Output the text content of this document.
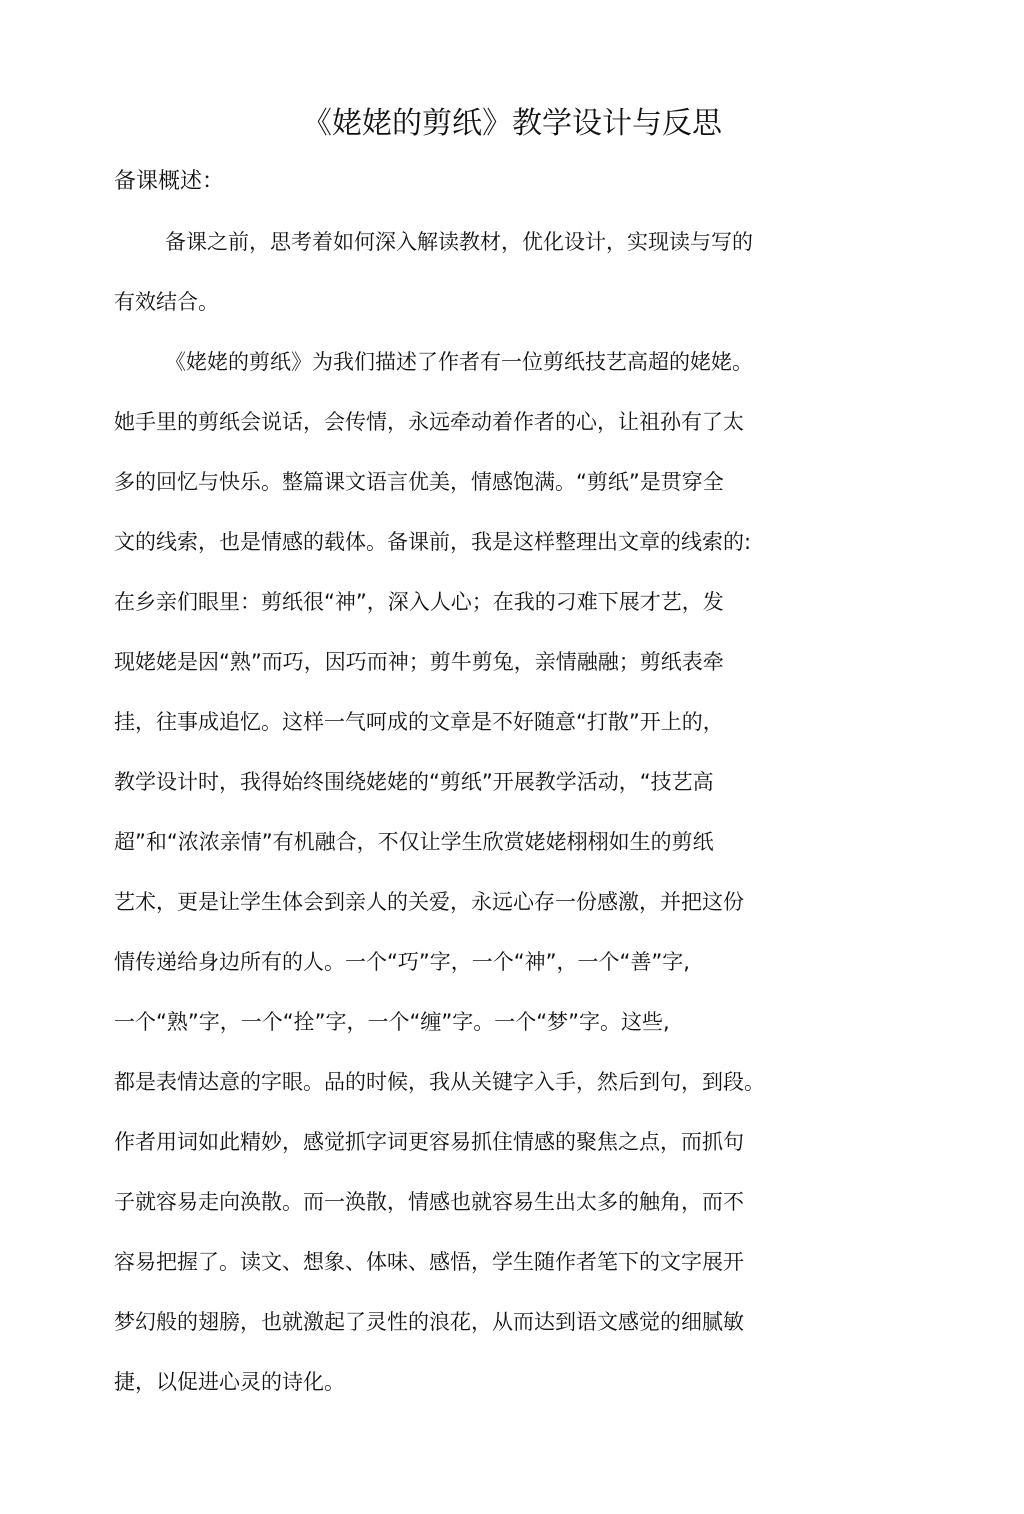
《姥姥的剪纸》教学设计与反思
备课概述：
备课之前，思考着如何深入解读教材，优化设计，实现读与写的
有效结合。
《姥姥的剪纸》为我们描述了作者有一位剪纸技艺高超的姥姥。
她手里的剪纸会说话，会传情，永远牵动着作者的心，让祖孙有了太
多的回忆与快乐。整篇课文语言优美，情感饱满。“剪纸”是贯穿全
文的线索，也是情感的载体。备课前，我是这样整理出文章的线索的:
在乡亲们眼里：剪纸很“神”，深入人心；在我的刁难下展才艺，发
现姥姥是因“熟”而巧，因巧而神；剪牛剪兔，亲情融融；剪纸表牵
挂，往事成追忆。这样一气呵成的文章是不好随意“打散”开上的，
教学设计时，我得始终围绕姥姥的“剪纸”开展教学活动，“技艺高
超”和“浓浓亲情”有机融合，不仅让学生欣赏姥姥栩栩如生的剪纸
艺术，更是让学生体会到亲人的关爱，永远心存一份感激，并把这份
情传递给身边所有的人。一个“巧”字，一个“神”，一个“善”字,
一个“熟”字，一个“拴”字，一个“缠”字。一个“梦”字。这些,
都是表情达意的字眼。品的时候，我从关键字入手，然后到句，到段。
作者用词如此精妙，感觉抓字词更容易抓住情感的聚焦之点，而抓句
子就容易走向涣散。而一涣散，情感也就容易生出太多的触角，而不
容易把握了。读文、想象、体味、感悟，学生随作者笔下的文字展开
梦幻般的翅膀，也就激起了灵性的浪花，从而达到语文感觉的细腻敏
捷，以促进心灵的诗化。
